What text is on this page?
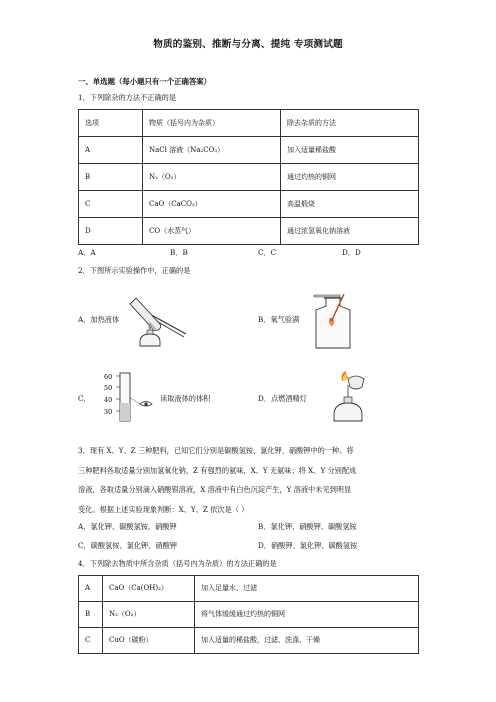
物质的鉴别、推断与分离、提纯 专项测试题
一、单选题（每小题只有一个正确答案）
1．下列除杂的方法不正确的是
选项	物质（括号内为杂质）	除去杂质的方法
A	NaCl 溶液（Na₂CO₃）	加入适量稀盐酸
B	N₂（O₂）	通过灼热的铜网
C	CaO（CaCO₃）	高温煅烧
D	CO（水蒸气）	通过浓氢氧化钠溶液
A．A	B．B	C．C	D．D
2．下图所示实验操作中，正确的是
A．加热液体	B．氧气验满
C．
60
50
40
30
读取液体的体积	D．点燃酒精灯
3．现有 X、Y、Z 三种肥料，已知它们分别是碳酸氢铵、氯化钾、硝酸钾中的一种。将
三种肥料各取适量分别加氢氧化钠，Z 有强烈的氨味，X、Y 无氨味；将 X、Y 分别配成
溶液，各取适量分别滴入硝酸银溶液，X 溶液中有白色沉淀产生，Y 溶液中未见到明显
变化。根据上述实验现象判断：X、Y、Z 依次是（ ）
A．氯化钾、碳酸氢铵、硝酸钾	B．氯化钾、硝酸钾、碳酸氢铵
C．碳酸氢铵、氯化钾、硝酸钾	D．硝酸钾、氯化钾、碳酸氢铵
4．下列除去物质中所含杂质（括号内为杂质）的方法正确的是
A	CaO（Ca(OH)₂）	加入足量水，过滤
B	N₂（O₂）	将气体缓缓通过灼热的铜网
C	CuO（碳粉）	加入适量的稀盐酸，过滤、洗涤、干燥
